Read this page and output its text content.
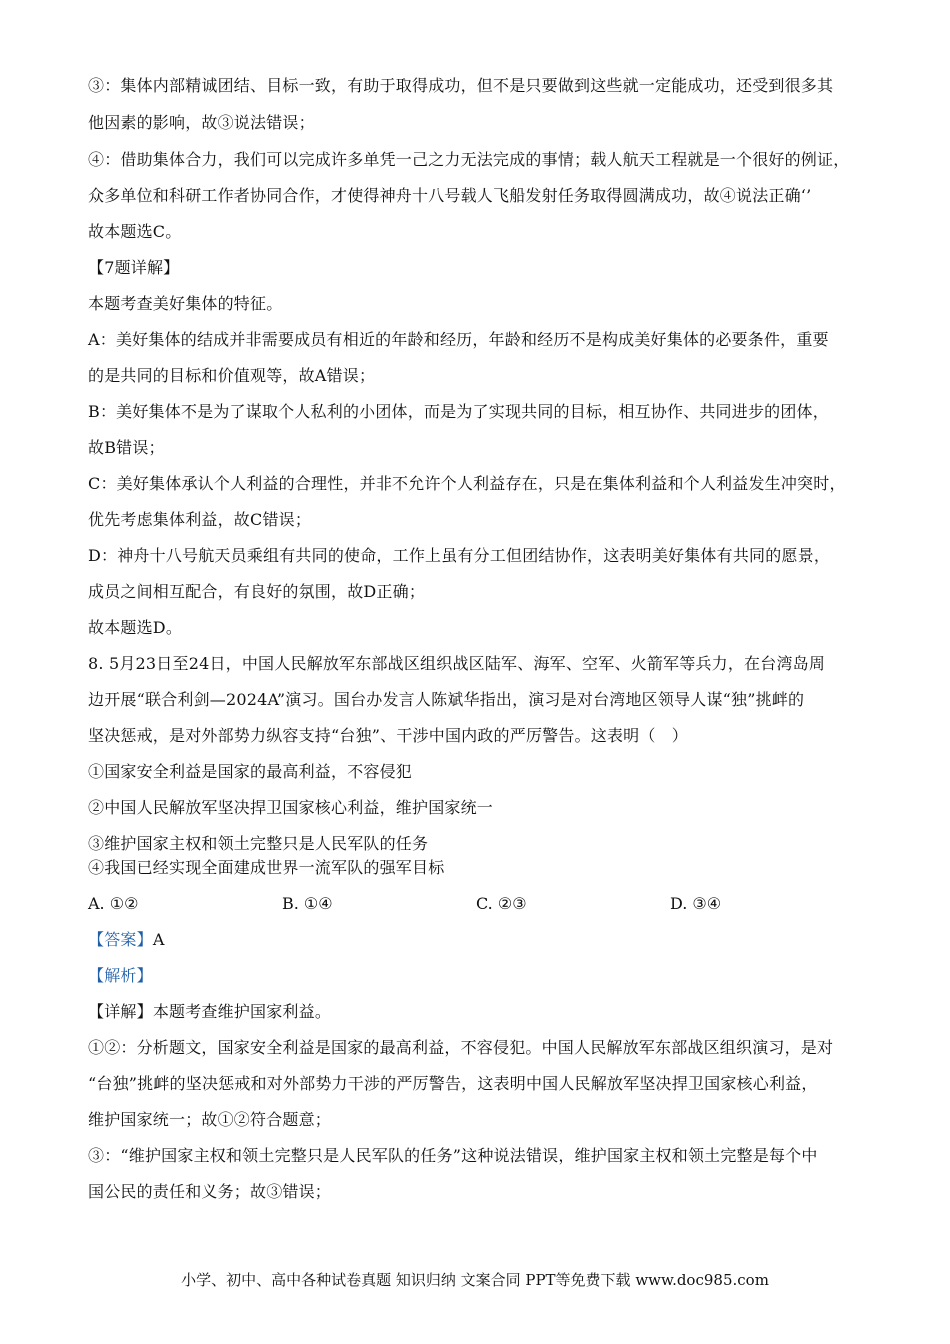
③：集体内部精诚团结、目标一致，有助于取得成功，但不是只要做到这些就一定能成功，还受到很多其
他因素的影响，故③说法错误；
④：借助集体合力，我们可以完成许多单凭一己之力无法完成的事情；载人航天工程就是一个很好的例证，
众多单位和科研工作者协同合作，才使得神舟十八号载人飞船发射任务取得圆满成功，故④说法正确‘’
故本题选C。
【7题详解】
本题考查美好集体的特征。
A：美好集体的结成并非需要成员有相近的年龄和经历，年龄和经历不是构成美好集体的必要条件，重要
的是共同的目标和价值观等，故A错误；
B：美好集体不是为了谋取个人私利的小团体，而是为了实现共同的目标，相互协作、共同进步的团体，
故B错误；
C：美好集体承认个人利益的合理性，并非不允许个人利益存在，只是在集体利益和个人利益发生冲突时，
优先考虑集体利益，故C错误；
D：神舟十八号航天员乘组有共同的使命，工作上虽有分工但团结协作，这表明美好集体有共同的愿景，
成员之间相互配合，有良好的氛围，故D正确；
故本题选D。
8. 5月23日至24日，中国人民解放军东部战区组织战区陆军、海军、空军、火箭军等兵力，在台湾岛周
边开展“联合利剑—2024A”演习。国台办发言人陈斌华指出，演习是对台湾地区领导人谋“独”挑衅的
坚决惩戒，是对外部势力纵容支持“台独”、干涉中国内政的严厉警告。这表明（　）
①国家安全利益是国家的最高利益，不容侵犯
②中国人民解放军坚决捍卫国家核心利益，维护国家统一
③维护国家主权和领土完整只是人民军队的任务
④我国已经实现全面建成世界一流军队的强军目标
A. ①②	B. ①④	C. ②③	D. ③④
【答案】A
【解析】
【详解】本题考查维护国家利益。
①②：分析题文，国家安全利益是国家的最高利益，不容侵犯。中国人民解放军东部战区组织演习，是对
“台独”挑衅的坚决惩戒和对外部势力干涉的严厉警告，这表明中国人民解放军坚决捍卫国家核心利益，
维护国家统一；故①②符合题意；
③：“维护国家主权和领土完整只是人民军队的任务”这种说法错误，维护国家主权和领土完整是每个中
国公民的责任和义务；故③错误；
小学、初中、高中各种试卷真题 知识归纳 文案合同 PPT等免费下载 www.doc985.com
